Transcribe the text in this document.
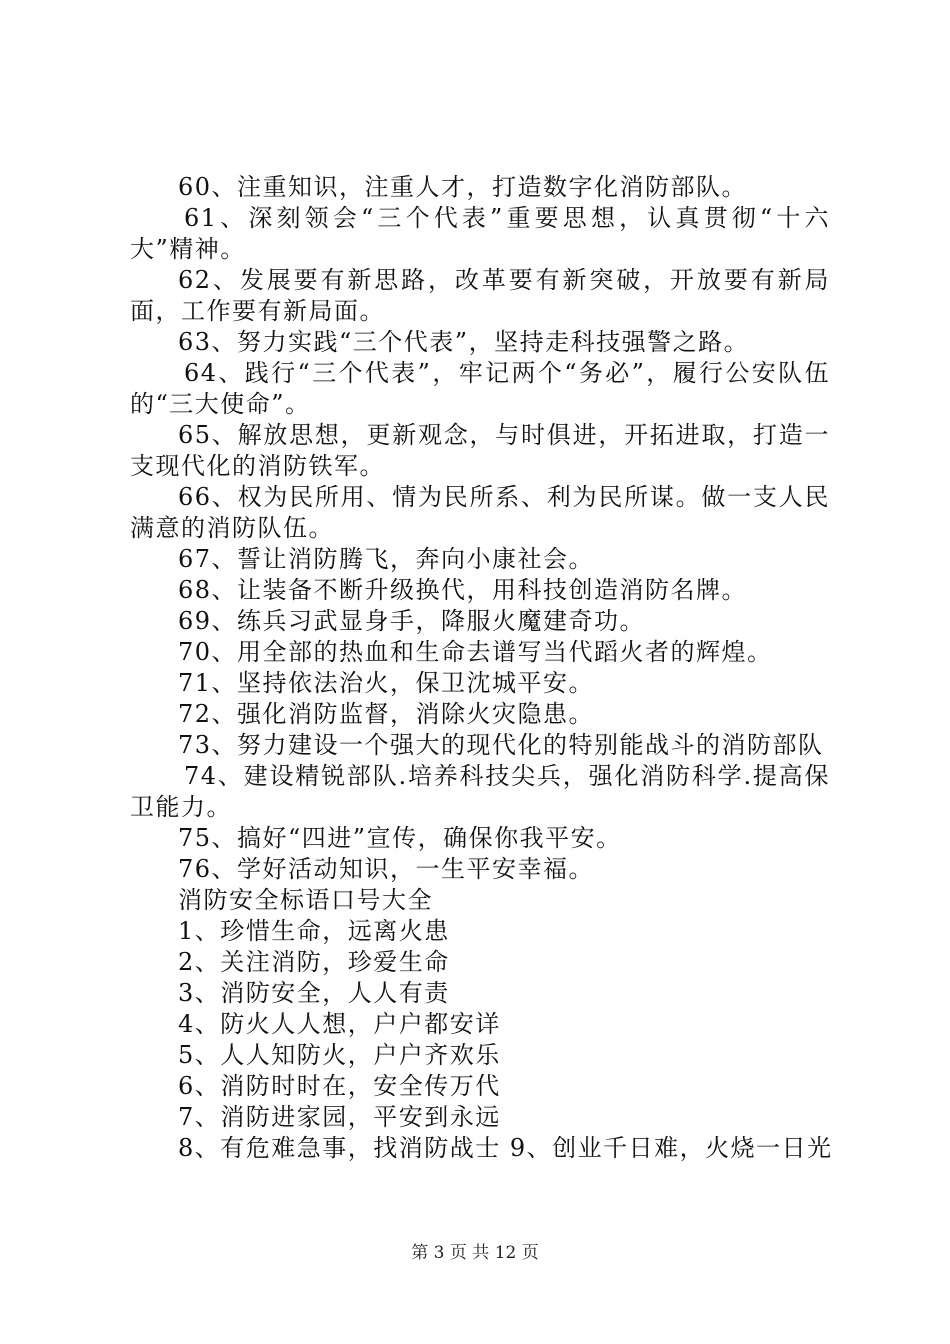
60、注重知识，注重人才，打造数字化消防部队。

61、深刻领会“三个代表”重要思想，认真贯彻“十六大”精神。

62、发展要有新思路，改革要有新突破，开放要有新局面，工作要有新局面。

63、努力实践“三个代表”，坚持走科技强警之路。

64、践行“三个代表”，牢记两个“务必”，履行公安队伍的“三大使命”。

65、解放思想，更新观念，与时俱进，开拓进取，打造一支现代化的消防铁军。

66、权为民所用、情为民所系、利为民所谋。做一支人民满意的消防队伍。

67、誓让消防腾飞，奔向小康社会。

68、让装备不断升级换代，用科技创造消防名牌。

69、练兵习武显身手，降服火魔建奇功。

70、用全部的热血和生命去谱写当代蹈火者的辉煌。

71、坚持依法治火，保卫沈城平安。

72、强化消防监督，消除火灾隐患。

73、努力建设一个强大的现代化的特别能战斗的消防部队

74、建设精锐部队.培养科技尖兵，强化消防科学.提高保卫能力。

75、搞好“四进”宣传，确保你我平安。

76、学好活动知识，一生平安幸福。

消防安全标语口号大全

1、珍惜生命，远离火患

2、关注消防，珍爱生命

3、消防安全，人人有责

4、防火人人想，户户都安详

5、人人知防火，户户齐欢乐

6、消防时时在，安全传万代

7、消防进家园，平安到永远

8、有危难急事，找消防战士 9、创业千日难，火烧一日光

第 3 页 共 12 页
